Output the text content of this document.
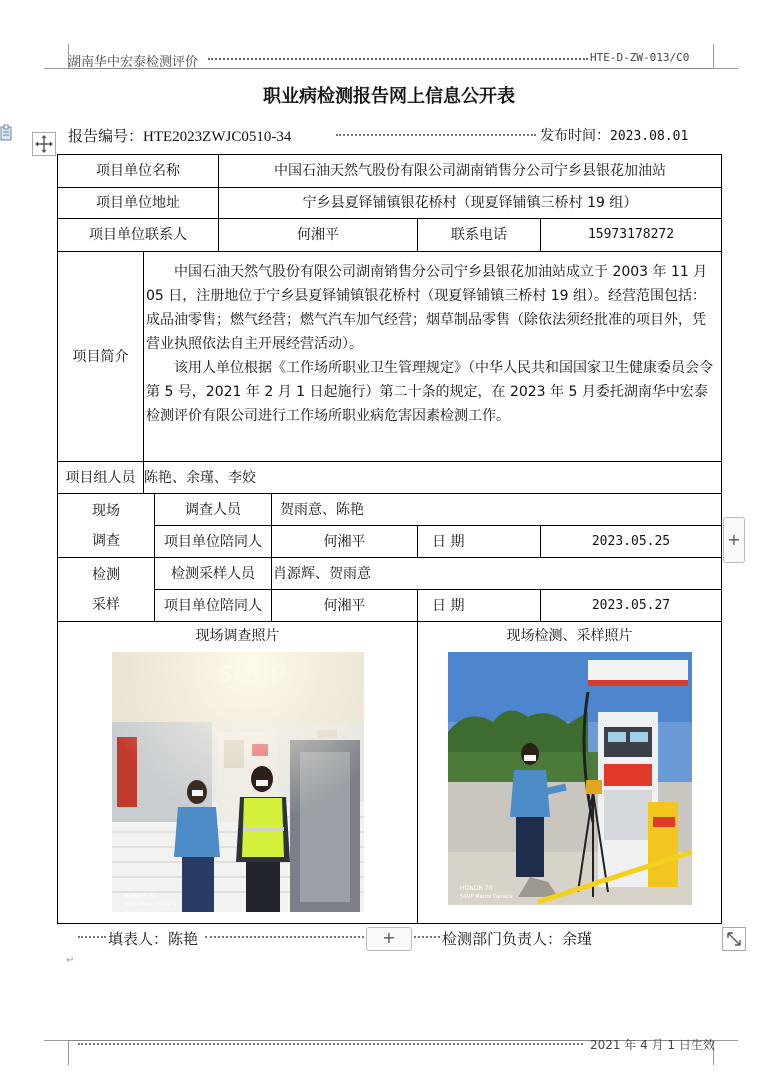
湖南华中宏泰检测评价	HTE-D-ZW-013/C0
职业病检测报告网上信息公开表
报告编号：HTE2023ZWJC0510-34	发布时间：2023.08.01
项目单位名称			中国石油天然气股份有限公司湖南销售分公司宁乡县银花加油站			
项目单位地址			宁乡县夏铎铺镇银花桥村（现夏铎铺镇三桥村 19 组）			
项目单位联系人			何湘平		联系电话	15973178272
项目简介	中国石油天然气股份有限公司湖南销售分公司宁乡县银花加油站成立于 2003 年 11 月 05 日，注册地位于宁乡县夏铎铺镇银花桥村（现夏铎铺镇三桥村 19 组）。经营范围包括：成品油零售；燃气经营；燃气汽车加气经营；烟草制品零售（除依法须经批准的项目外，凭营业执照依法自主开展经营活动）。

该用人单位根据《工作场所职业卫生管理规定》（中华人民共和国国家卫生健康委员会令 第 5 号，2021 年 2 月 1 日起施行）第二十条的规定，在 2023 年 5 月委托湖南华中宏泰检测评价有限公司进行工作场所职业病危害因素检测工作。					

项目组人员	陈艳、余瑾、李姣					
现场
调查		调查人员		贺雨意、陈艳		
		项目单位陪同人		何湘平	日 期	2023.05.25
检测
采样		检测采样人员		肖源辉、贺雨意		
		项目单位陪同人		何湘平	日 期	2023.05.27

现场调查照片
HONOR 70
54MP Matrix Camera					现场检测、采样照片
HONOR 70
54MP Matrix Camera	
+
填表人：陈艳	+	检测部门负责人：余瑾
↵
2021 年 4 月 1 日生效
